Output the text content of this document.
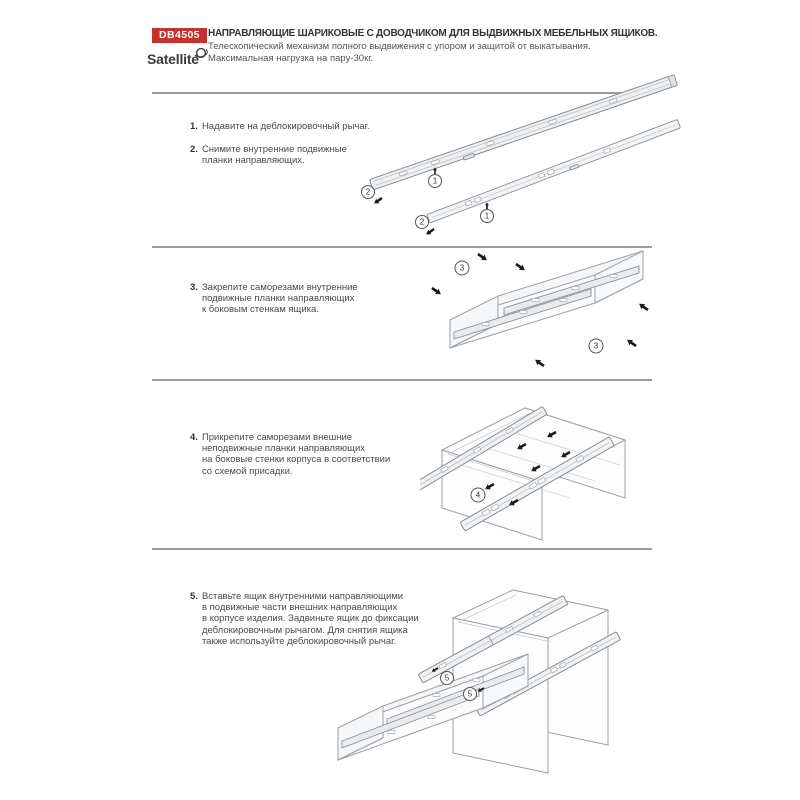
DB4505
Satellite
НАПРАВЛЯЮЩИЕ ШАРИКОВЫЕ С ДОВОДЧИКОМ ДЛЯ ВЫДВИЖНЫХ МЕБЕЛЬНЫХ ЯЩИКОВ.
Телескопический механизм полного выдвижения с упором и защитой от выкатывания.
Максимальная нагрузка на пару-30кг.
1. Надавите на деблокировочный рычаг.
2. Снимите внутренние подвижные
планки направляющих.
3. Закрепите саморезами внутренние
подвижные планки направляющих
к боковым стенкам ящика.
4. Прикрепите саморезами внешние
неподвижные планки направляющих
на боковые стенки корпуса в соответствии
со схемой присадки.
5. Вставьте ящик внутренними направляющими
в подвижные части внешних направляющих
в корпусе изделия. Задвиньте ящик до фиксации
деблокировочным рычагом. Для снятия ящика
также используйте деблокировочный рычаг.
1
2
1
2
3
3
4
5
5
